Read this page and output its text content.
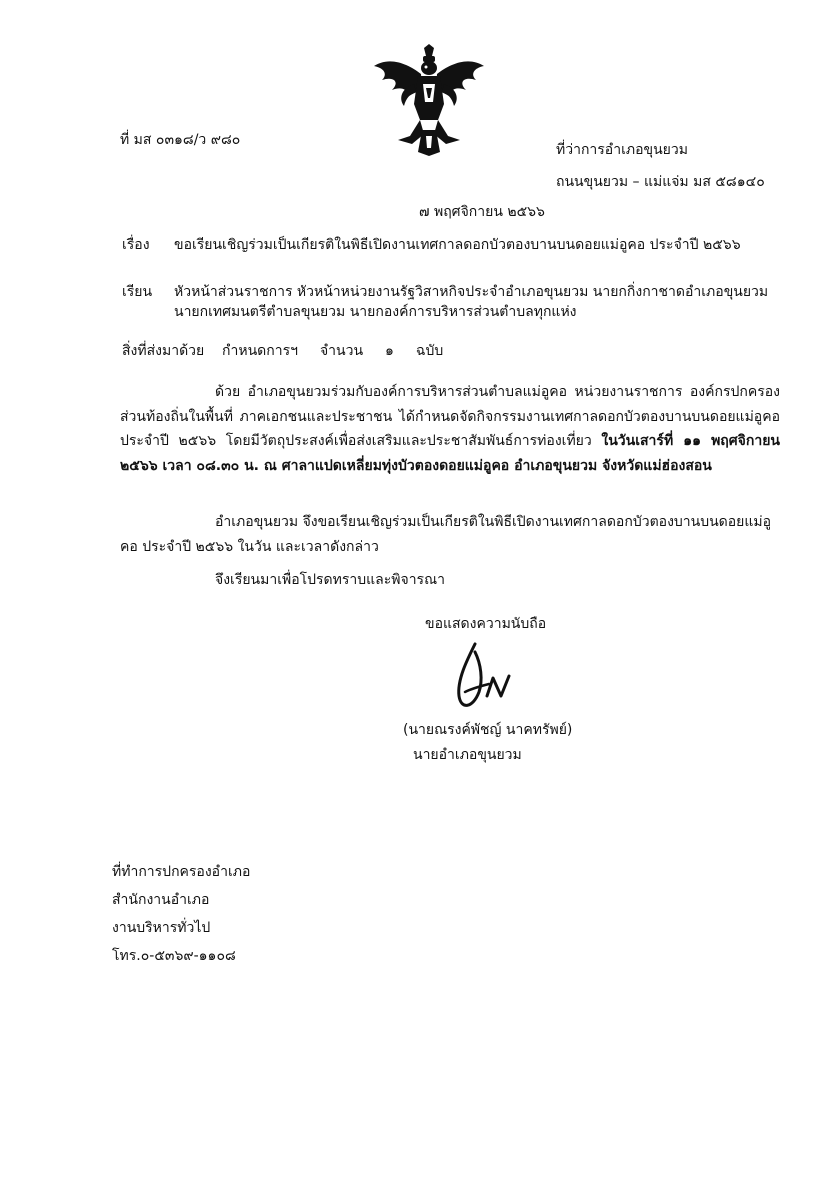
ที่ มส ๐๓๑๘/ว ๙๘๐
ที่ว่าการอำเภอขุนยวม
ถนนขุนยวม – แม่แจ่ม มส ๕๘๑๔๐
๗ พฤศจิกายน ๒๕๖๖
เรื่อง ขอเรียนเชิญร่วมเป็นเกียรติในพิธีเปิดงานเทศกาลดอกบัวตองบานบนดอยแม่อูคอ ประจำปี ๒๕๖๖
เรียน หัวหน้าส่วนราชการ หัวหน้าหน่วยงานรัฐวิสาหกิจประจำอำเภอขุนยวม นายกกิ่งกาชาดอำเภอขุนยวม
นายกเทศมนตรีตำบลขุนยวม นายกองค์การบริหารส่วนตำบลทุกแห่ง
สิ่งที่ส่งมาด้วย กำหนดการฯ จำนวน ๑ ฉบับ
ด้วย อำเภอขุนยวมร่วมกับองค์การบริหารส่วนตำบลแม่อูคอ หน่วยงานราชการ องค์กรปกครองส่วนท้องถิ่นในพื้นที่ ภาคเอกชนและประชาชน ได้กำหนดจัดกิจกรรมงานเทศกาลดอกบัวตองบานบนดอยแม่อูคอ ประจำปี ๒๕๖๖ โดยมีวัตถุประสงค์เพื่อส่งเสริมและประชาสัมพันธ์การท่องเที่ยว ในวันเสาร์ที่ ๑๑ พฤศจิกายน ๒๕๖๖ เวลา ๐๘.๓๐ น. ณ ศาลาแปดเหลี่ยมทุ่งบัวตองดอยแม่อูคอ อำเภอขุนยวม จังหวัดแม่ฮ่องสอน
อำเภอขุนยวม จึงขอเรียนเชิญร่วมเป็นเกียรติในพิธีเปิดงานเทศกาลดอกบัวตองบานบนดอยแม่อูคอ ประจำปี ๒๕๖๖ ในวัน และเวลาดังกล่าว
จึงเรียนมาเพื่อโปรดทราบและพิจารณา
ขอแสดงความนับถือ
(นายณรงค์พัชญ์ นาคทรัพย์)
นายอำเภอขุนยวม
ที่ทำการปกครองอำเภอ
สำนักงานอำเภอ
งานบริหารทั่วไป
โทร.๐-๕๓๖๙-๑๑๐๘
